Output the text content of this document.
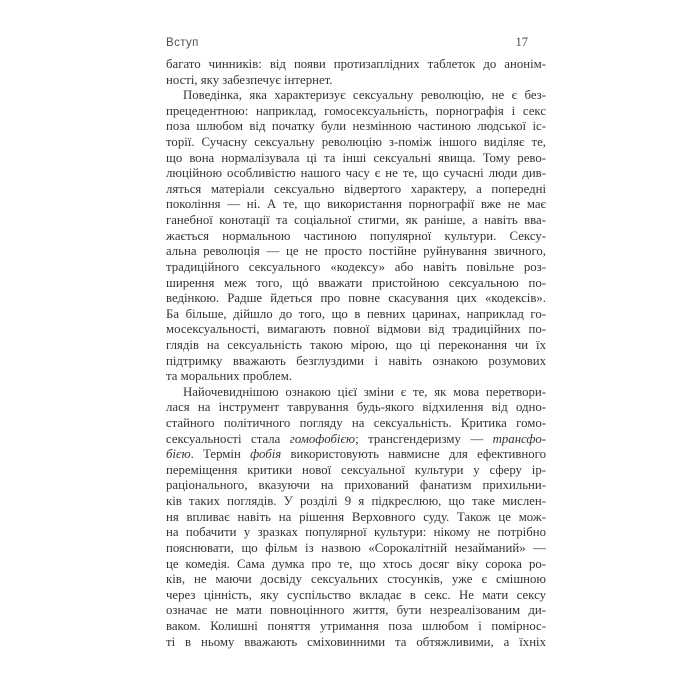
Вступ	17
багато чинників: від появи протизаплідних таблеток до анонім-
ності, яку забезпечує інтернет.
Поведінка, яка характеризує сексуальну революцію, не є без-
прецедентною: наприклад, гомосексуальність, порнографія і секс
поза шлюбом від початку були незмінною частиною людської іс-
торії. Сучасну сексуальну революцію з-поміж іншого виділяє те,
що вона нормалізувала ці та інші сексуальні явища. Тому рево-
люційною особливістю нашого часу є не те, що сучасні люди див-
ляться матеріали сексуально відвертого характеру, а попередні
покоління — ні. А те, що використання порнографії вже не має
ганебної конотації та соціальної стигми, як раніше, а навіть вва-
жається нормальною частиною популярної культури. Сексу-
альна революція — це не просто постійне руйнування звичного,
традиційного сексуального «кодексу» або навіть повільне роз-
ширення меж того, щó вважати пристойною сексуальною по-
ведінкою. Радше йдеться про повне скасування цих «кодексів».
Ба більше, дійшло до того, що в певних царинах, наприклад го-
мосексуальності, вимагають повної відмови від традиційних по-
глядів на сексуальність такою мірою, що ці переконання чи їх
підтримку вважають безглуздими і навіть ознакою розумових
та моральних проблем.
Найочевиднішою ознакою цієї зміни є те, як мова перетвори-
лася на інструмент таврування будь-якого відхилення від одно-
стайного політичного погляду на сексуальність. Критика гомо-
сексуальності стала гомофобією; трансгендеризму — трансфо-
бією. Термін фобія використовують навмисне для ефективного
переміщення критики нової сексуальної культури у сферу ір-
раціонального, вказуючи на прихований фанатизм прихильни-
ків таких поглядів. У розділі 9 я підкреслюю, що таке мислен-
ня впливає навіть на рішення Верховного суду. Також це мож-
на побачити у зразках популярної культури: нікому не потрібно
пояснювати, що фільм із назвою «Сорокалітній незайманий» —
це комедія. Сама думка про те, що хтось досяг віку сорока ро-
ків, не маючи досвіду сексуальних стосунків, уже є смішною
через цінність, яку суспільство вкладає в секс. Не мати сексу
означає не мати повноцінного життя, бути незреалізованим ди-
ваком. Колишні поняття утримання поза шлюбом і помірнос-
ті в ньому вважають сміховинними та обтяжливими, а їхніх
